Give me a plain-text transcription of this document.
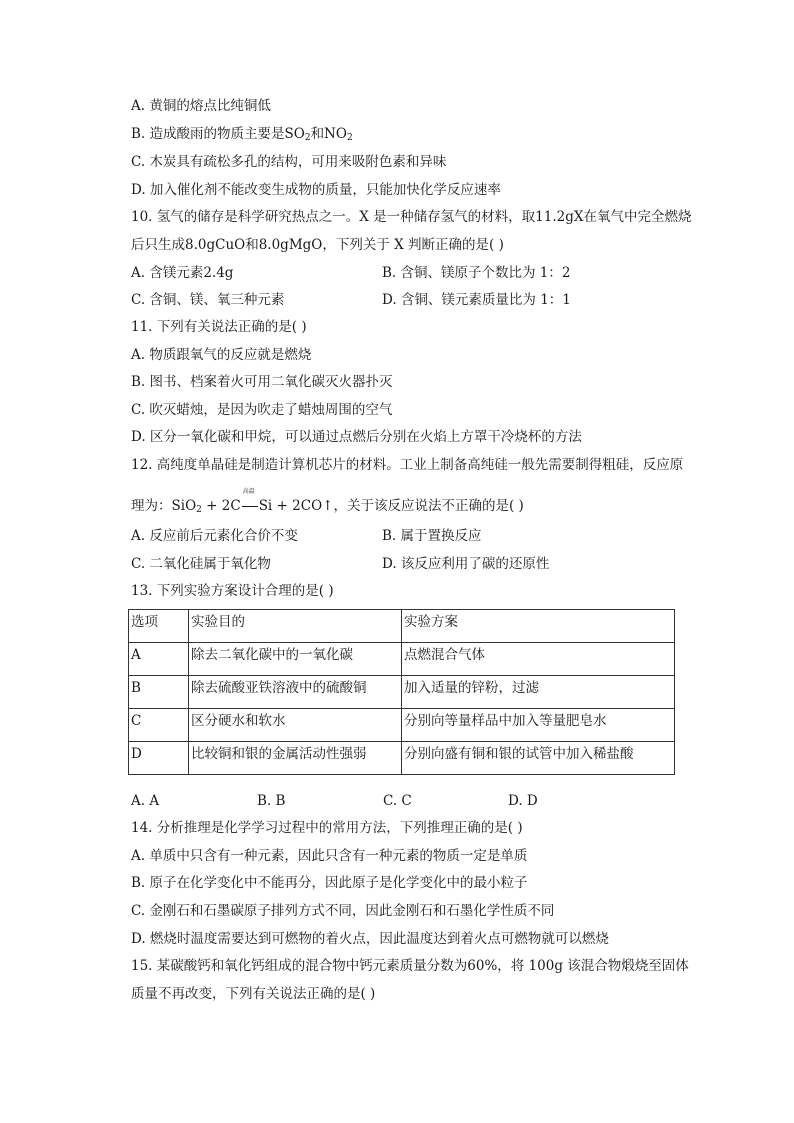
A. 黄铜的熔点比纯铜低
B. 造成酸雨的物质主要是$SO_2$和$NO_2$
C. 木炭具有疏松多孔的结构，可用来吸附色素和异味
D. 加入催化剂不能改变生成物的质量，只能加快化学反应速率
10. 氢气的储存是科学研究热点之一。X 是一种储存氢气的材料，取11.2gX在氧气中完全燃烧
后只生成8.0gCuO和8.0gMgO，下列关于 X 判断正确的是( )
A. 含镁元素2.4g	B. 含铜、镁原子个数比为 1：2
C. 含铜、镁、氧三种元素	D. 含铜、镁元素质量比为 1：1
11. 下列有关说法正确的是( )
A. 物质跟氧气的反应就是燃烧
B. 图书、档案着火可用二氧化碳灭火器扑灭
C. 吹灭蜡烛，是因为吹走了蜡烛周围的空气
D. 区分一氧化碳和甲烷，可以通过点燃后分别在火焰上方罩干冷烧杯的方法
12. 高纯度单晶硅是制造计算机芯片的材料。工业上制备高纯硅一般先需要制得粗硅，反应原
理为：SiO$_2$ + 2C
高温
Si + 2CO↑，关于该反应说法不正确的是( )
A. 反应前后元素化合价不变	B. 属于置换反应
C. 二氧化硅属于氧化物	D. 该反应利用了碳的还原性
13. 下列实验方案设计合理的是( )
选项	实验目的	实验方案
A	除去二氧化碳中的一氧化碳	点燃混合气体
B	除去硫酸亚铁溶液中的硫酸铜	加入适量的锌粉，过滤
C	区分硬水和软水	分别向等量样品中加入等量肥皂水
D	比较铜和银的金属活动性强弱	分别向盛有铜和银的试管中加入稀盐酸
A. A	B. B	C. C	D. D
14. 分析推理是化学学习过程中的常用方法，下列推理正确的是( )
A. 单质中只含有一种元素，因此只含有一种元素的物质一定是单质
B. 原子在化学变化中不能再分，因此原子是化学变化中的最小粒子
C. 金刚石和石墨碳原子排列方式不同，因此金刚石和石墨化学性质不同
D. 燃烧时温度需要达到可燃物的着火点，因此温度达到着火点可燃物就可以燃烧
15. 某碳酸钙和氧化钙组成的混合物中钙元素质量分数为60%，将 100g 该混合物煅烧至固体
质量不再改变，下列有关说法正确的是( )
